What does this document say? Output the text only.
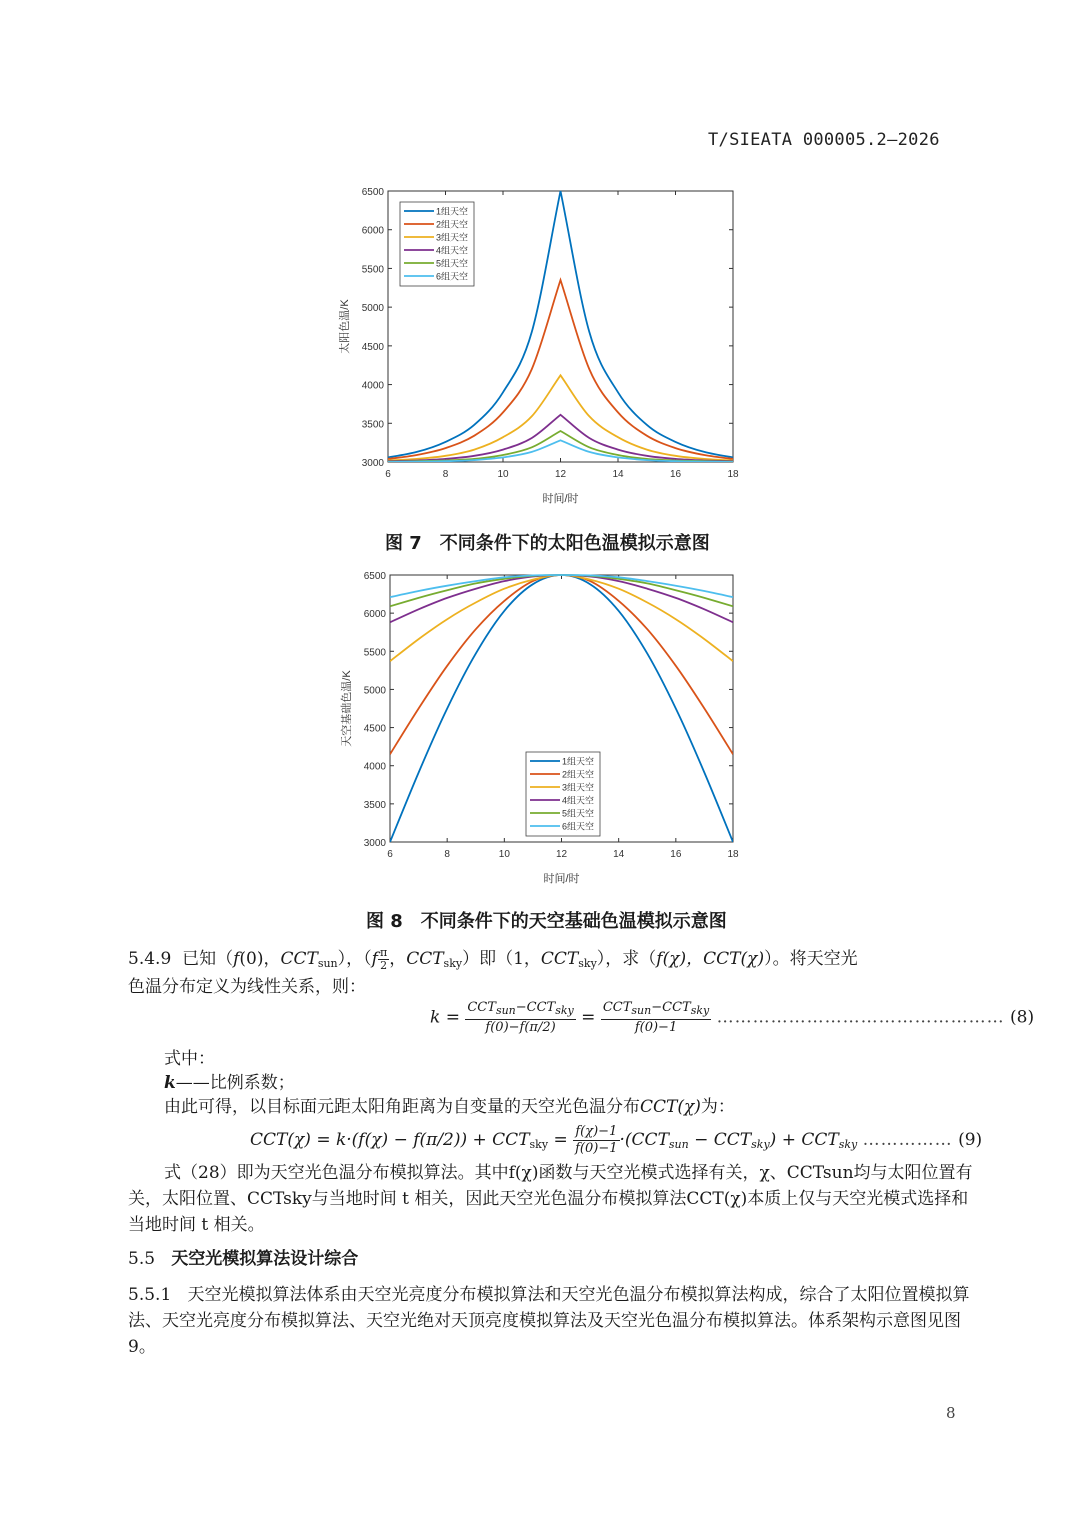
T/SIEATA 000005.2—2026
6	8	10	12	14	16	18
3000
3500
4000
4500
5000
5500
6000
6500
时间/时
太阳色温/K
1组天空
2组天空
3组天空
4组天空
5组天空
6组天空
图 7　不同条件下的太阳色温模拟示意图
6	8	10	12	14	16	18
3000
3500
4000
4500
5000
5500
6000
6500
时间/时
天空基础色温/K
1组天空
2组天空
3组天空
4组天空
5组天空
6组天空
图 8　不同条件下的天空基础色温模拟示意图
5.4.9 已知（f(0)，$CCT_{sun}$），（$f \frac{\pi}{2}$ ，$CCT_{sky}$）即（1，$CCT_{sky}$），求（f(χ)，CCT(χ)）。将天空光
色温分布定义为线性关系，则：
$k = \frac{CCT_{sun}-CCT_{sky}}{f(0)-f(\pi/2)} = \frac{CCT_{sun}-CCT_{sky}}{f(0)-1}$ ………………………………………… (8)
式中：
k——比例系数；
由此可得，以目标面元距太阳角距离为自变量的天空光色温分布CCT(χ)为：
$CCT(\chi) = k\cdot(f(\chi) - f(\pi/2)) + CCT_{sky} = \frac{f(\chi)-1}{f(0)-1} \cdot(CCT_{sun} - CCT_{sky}) + CCT_{sky}$ …………… (9)
式（28）即为天空光色温分布模拟算法。其中f(χ)函数与天空光模式选择有关，χ、CCTsun均与太阳位置有关，太阳位置、CCTsky与当地时间 t 相关，因此天空光色温分布模拟算法CCT(χ)本质上仅与天空光模式选择和当地时间 t 相关。
5.5 天空光模拟算法设计综合
5.5.1 天空光模拟算法体系由天空光亮度分布模拟算法和天空光色温分布模拟算法构成，综合了太阳位置模拟算法、天空光亮度分布模拟算法、天空光绝对天顶亮度模拟算法及天空光色温分布模拟算法。体系架构示意图见图9。
8
